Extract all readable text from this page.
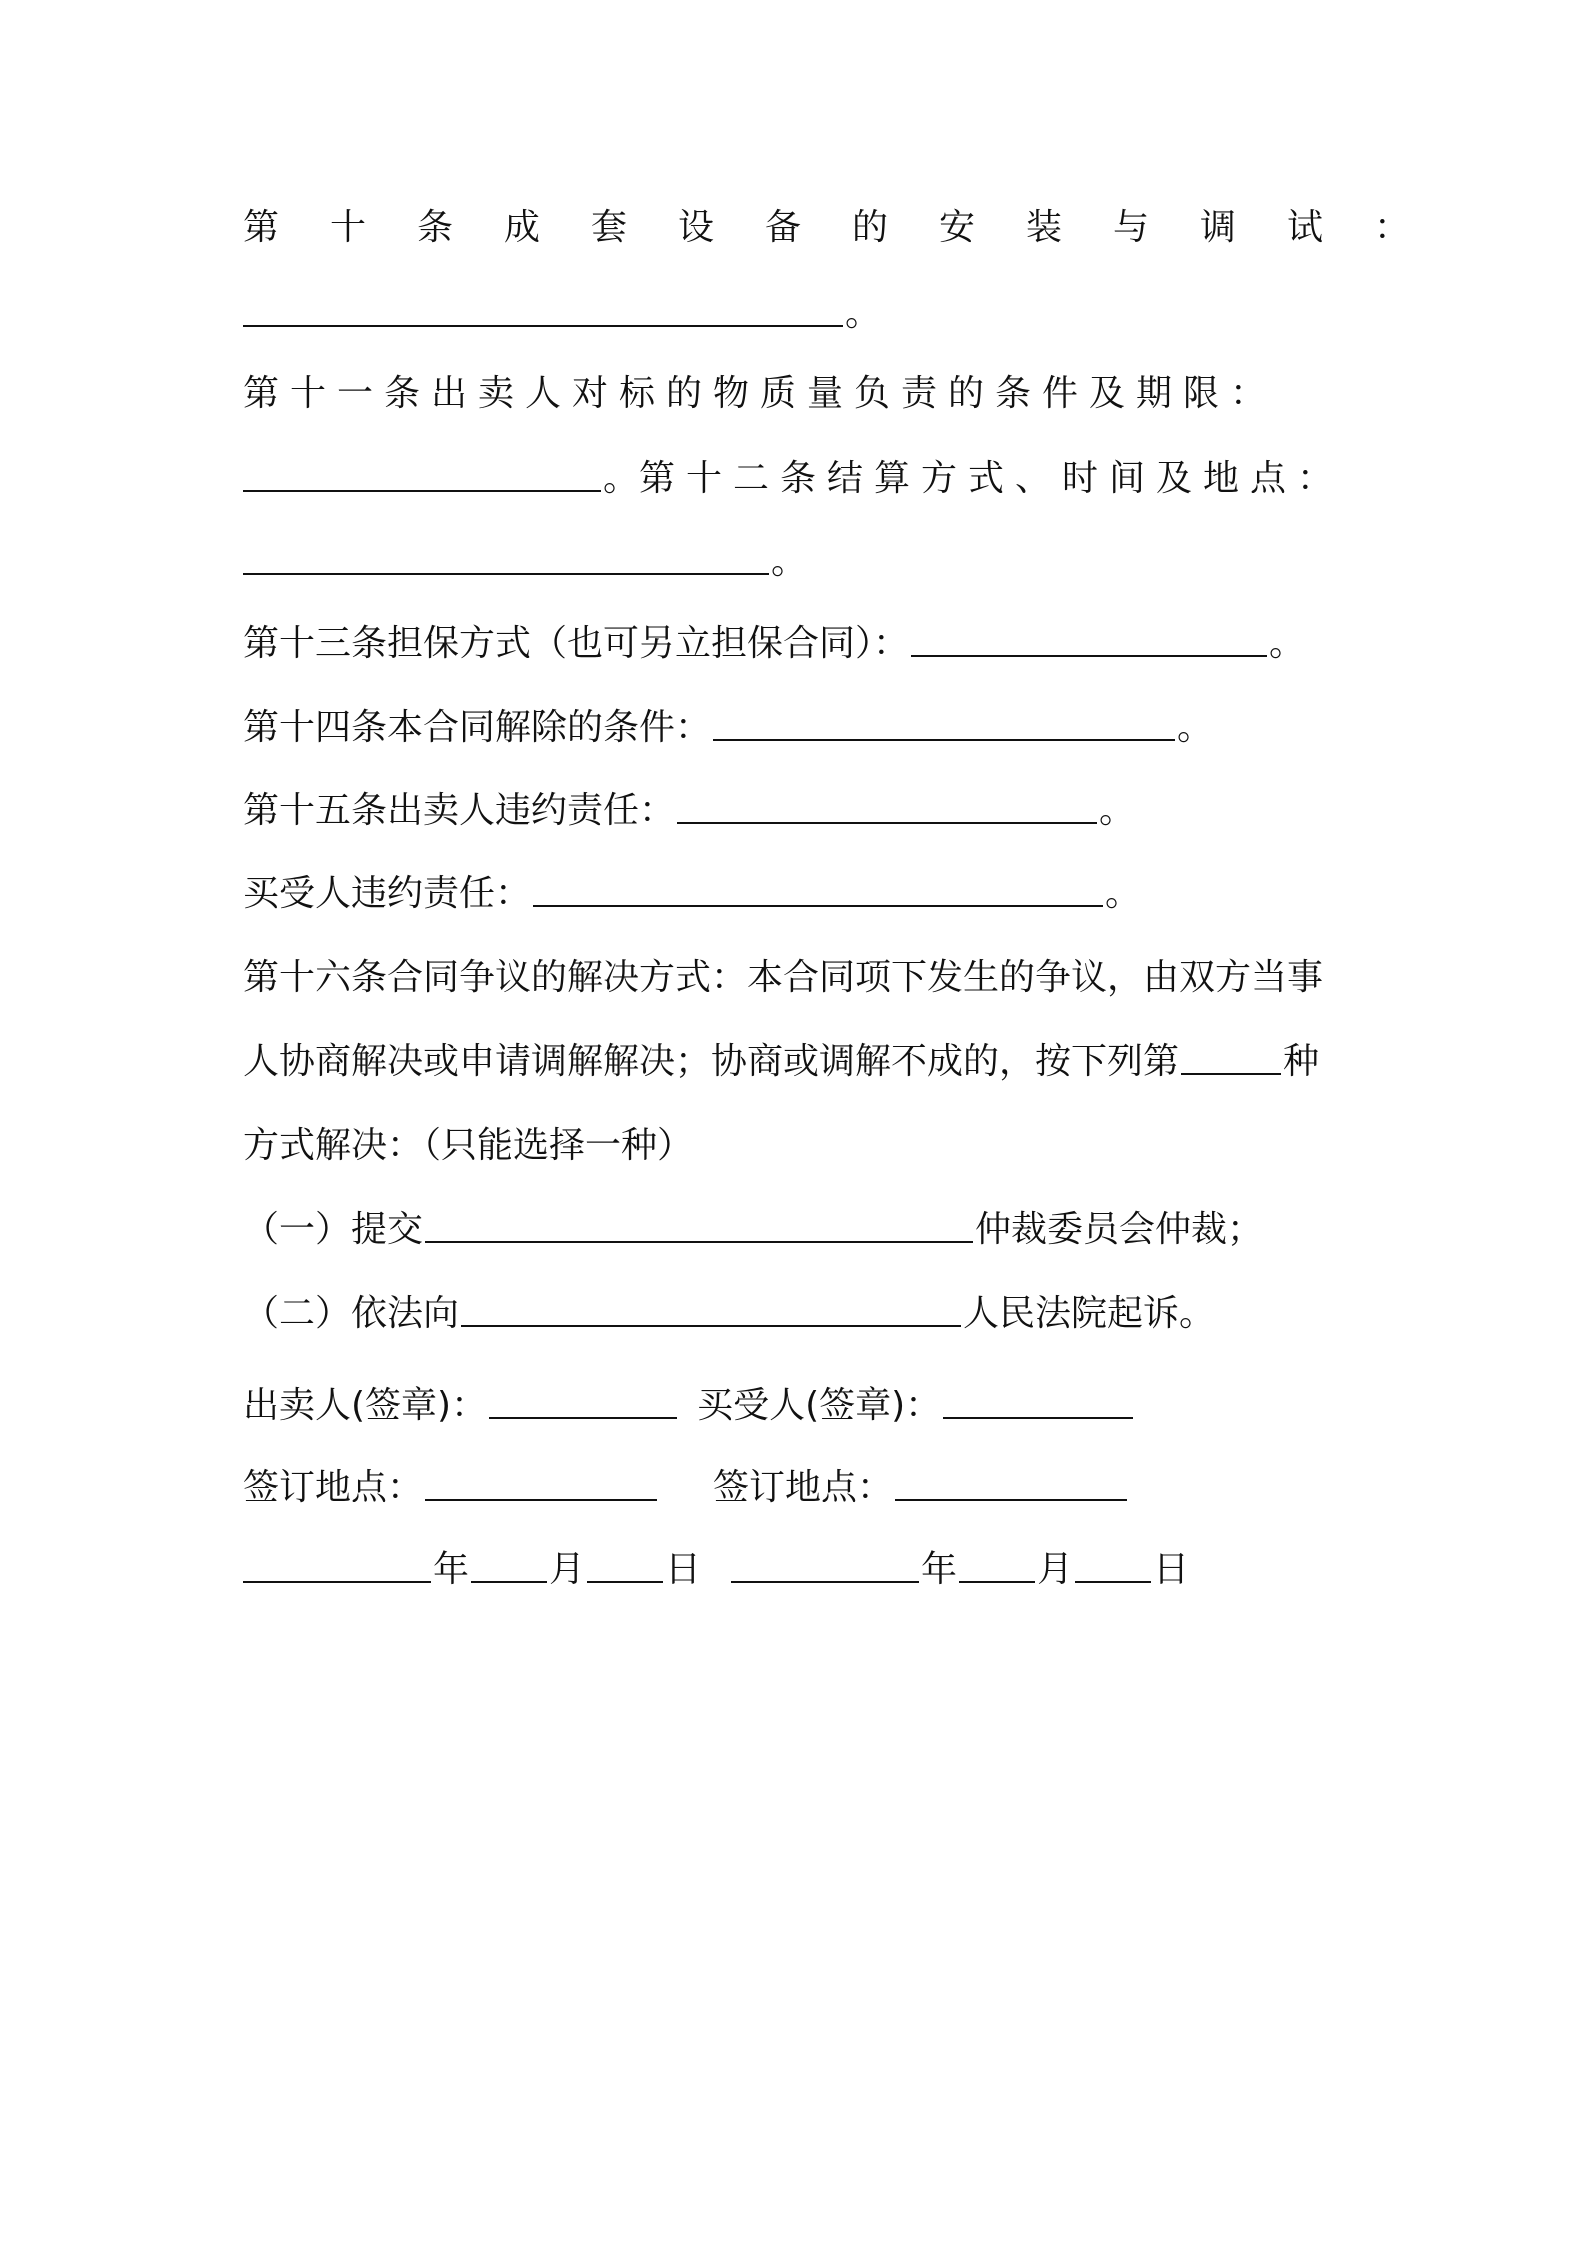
第十条成套设备的安装与调试：
。
第十一条出卖人对标的物质量负责的条件及期限：
。第十二条结算方式、时间及地点：
。
第十三条担保方式（也可另立担保合同）：	。
第十四条本合同解除的条件：	。
第十五条出卖人违约责任：	。
买受人违约责任：	。
第十六条合同争议的解决方式：本合同项下发生的争议，由双方当事
人协商解决或申请调解解决；协商或调解不成的，按下列第	种
方式解决：（只能选择一种）
（一）提交	仲裁委员会仲裁；
（二）依法向	人民法院起诉。
出卖人(签章)：	买受人(签章)：
签订地点：	签订地点：
年 月 日	年 月 日
